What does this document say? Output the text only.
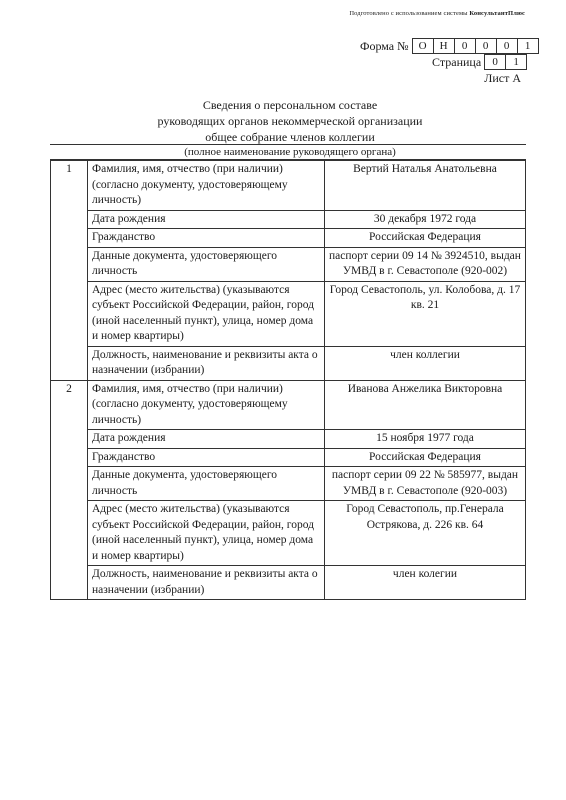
Подготовлено с использованием системы КонсультантПлюс
Форма № О	Н	0	0	0	1
Страница	0	1
Лист А
Сведения о персональном составе
руководящих органов некоммерческой организации
общее собрание членов коллегии
(полное наименование руководящего органа)
1	Фамилия, имя, отчество (при наличии) (согласно документу, удостоверяющему личность)	Вертий Наталья Анатольевна
	Дата рождения	30 декабря 1972 года
	Гражданство	Российская Федерация
	Данные документа, удостоверяющего личность	паспорт серии 09 14 № 3924510, выдан УМВД в г. Севастополе (920-002)
	Адрес (место жительства) (указываются субъект Российской Федерации, район, город (иной населенный пункт), улица, номер дома и номер квартиры)	Город Севастополь, ул. Колобова, д. 17 кв. 21
	Должность, наименование и реквизиты акта о назначении (избрании)	член коллегии
2	Фамилия, имя, отчество (при наличии) (согласно документу, удостоверяющему личность)	Иванова Анжелика Викторовна
	Дата рождения	15 ноября 1977 года
	Гражданство	Российская Федерация
	Данные документа, удостоверяющего личность	паспорт серии 09 22 № 585977, выдан УМВД в г. Севастополе (920-003)
	Адрес (место жительства) (указываются субъект Российской Федерации, район, город (иной населенный пункт), улица, номер дома и номер квартиры)	Город Севастополь, пр.Генерала Острякова, д. 226 кв. 64
	Должность, наименование и реквизиты акта о назначении (избрании)	член колегии
